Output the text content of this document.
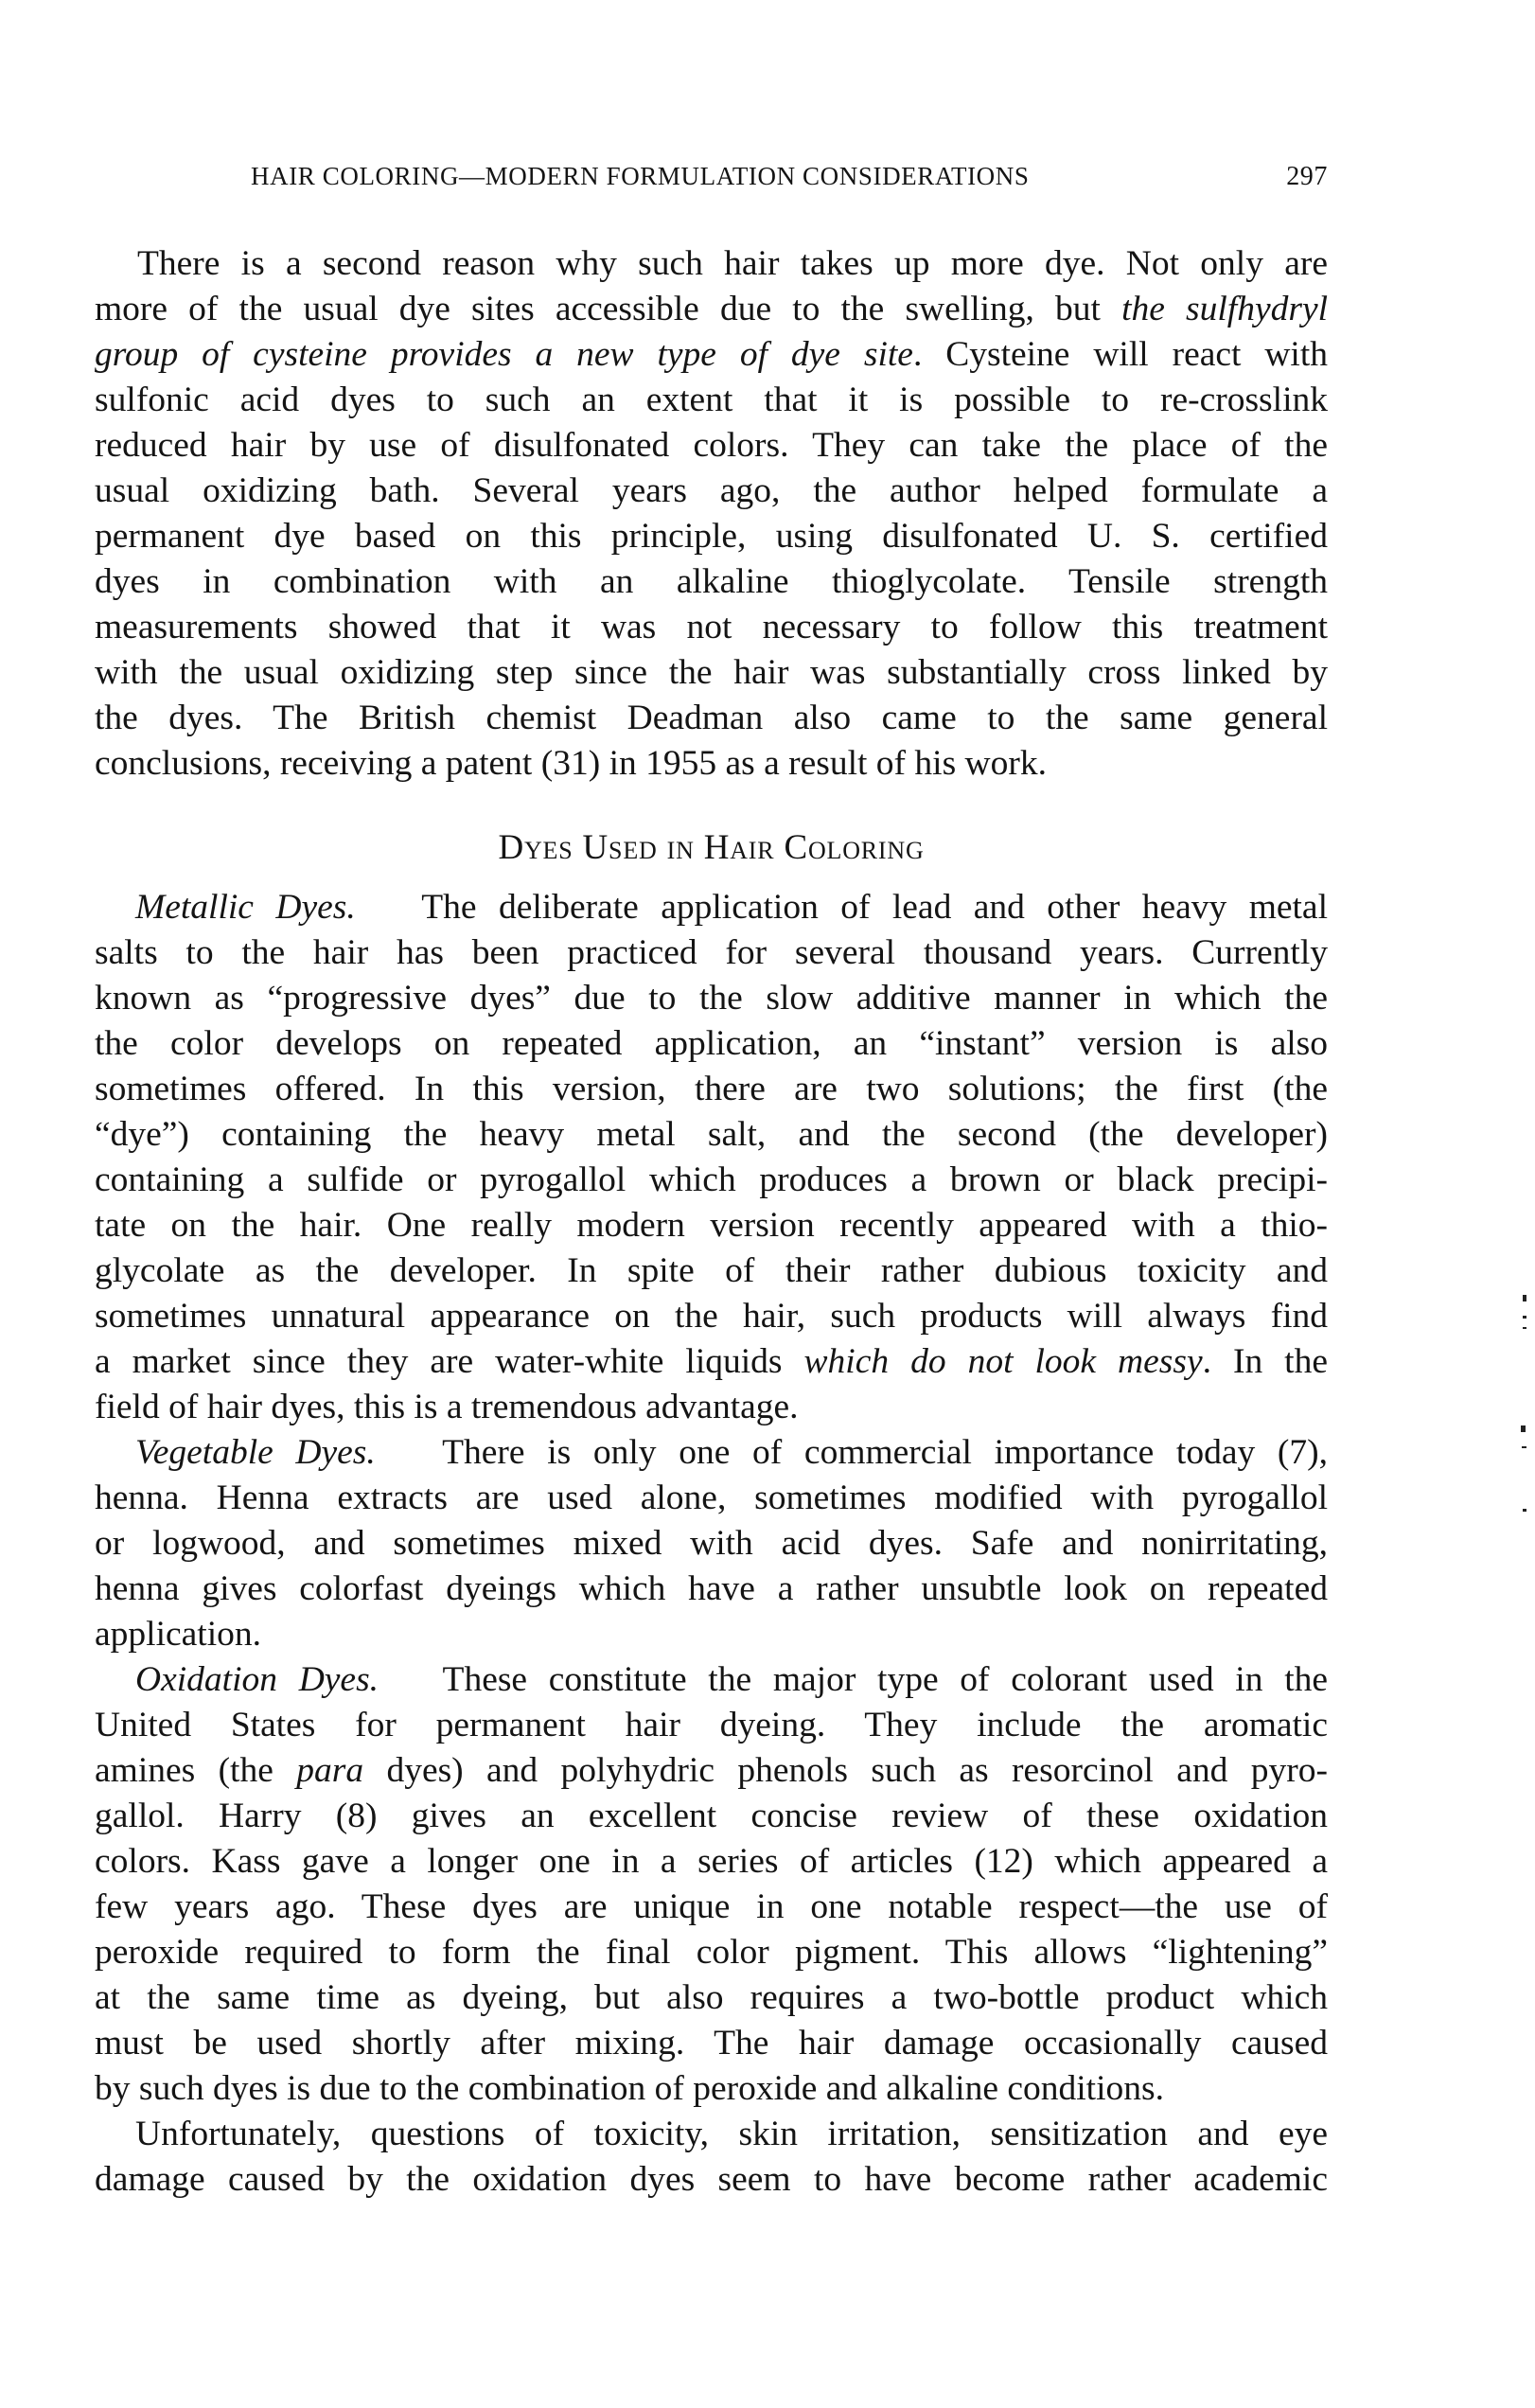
HAIR COLORING—MODERN FORMULATION CONSIDERATIONS	297
There is a second reason why such hair takes up more dye. Not only are
more of the usual dye sites accessible due to the swelling, but the sulfhydryl
group of cysteine provides a new type of dye site. Cysteine will react with
sulfonic acid dyes to such an extent that it is possible to re-crosslink
reduced hair by use of disulfonated colors. They can take the place of the
usual oxidizing bath. Several years ago, the author helped formulate a
permanent dye based on this principle, using disulfonated U. S. certified
dyes in combination with an alkaline thioglycolate. Tensile strength
measurements showed that it was not necessary to follow this treatment
with the usual oxidizing step since the hair was substantially cross linked by
the dyes. The British chemist Deadman also came to the same general
conclusions, receiving a patent (31) in 1955 as a result of his work.
Dyes Used in Hair Coloring
Metallic Dyes. The deliberate application of lead and other heavy metal
salts to the hair has been practiced for several thousand years. Currently
known as “progressive dyes” due to the slow additive manner in which the
the color develops on repeated application, an “instant” version is also
sometimes offered. In this version, there are two solutions; the first (the
“dye”) containing the heavy metal salt, and the second (the developer)
containing a sulfide or pyrogallol which produces a brown or black precipi-
tate on the hair. One really modern version recently appeared with a thio-
glycolate as the developer. In spite of their rather dubious toxicity and
sometimes unnatural appearance on the hair, such products will always find
a market since they are water-white liquids which do not look messy. In the
field of hair dyes, this is a tremendous advantage.
Vegetable Dyes. There is only one of commercial importance today (7),
henna. Henna extracts are used alone, sometimes modified with pyrogallol
or logwood, and sometimes mixed with acid dyes. Safe and nonirritating,
henna gives colorfast dyeings which have a rather unsubtle look on repeated
application.
Oxidation Dyes. These constitute the major type of colorant used in the
United States for permanent hair dyeing. They include the aromatic
amines (the para dyes) and polyhydric phenols such as resorcinol and pyro-
gallol. Harry (8) gives an excellent concise review of these oxidation
colors. Kass gave a longer one in a series of articles (12) which appeared a
few years ago. These dyes are unique in one notable respect—the use of
peroxide required to form the final color pigment. This allows “lightening”
at the same time as dyeing, but also requires a two-bottle product which
must be used shortly after mixing. The hair damage occasionally caused
by such dyes is due to the combination of peroxide and alkaline conditions.
Unfortunately, questions of toxicity, skin irritation, sensitization and eye
damage caused by the oxidation dyes seem to have become rather academic
